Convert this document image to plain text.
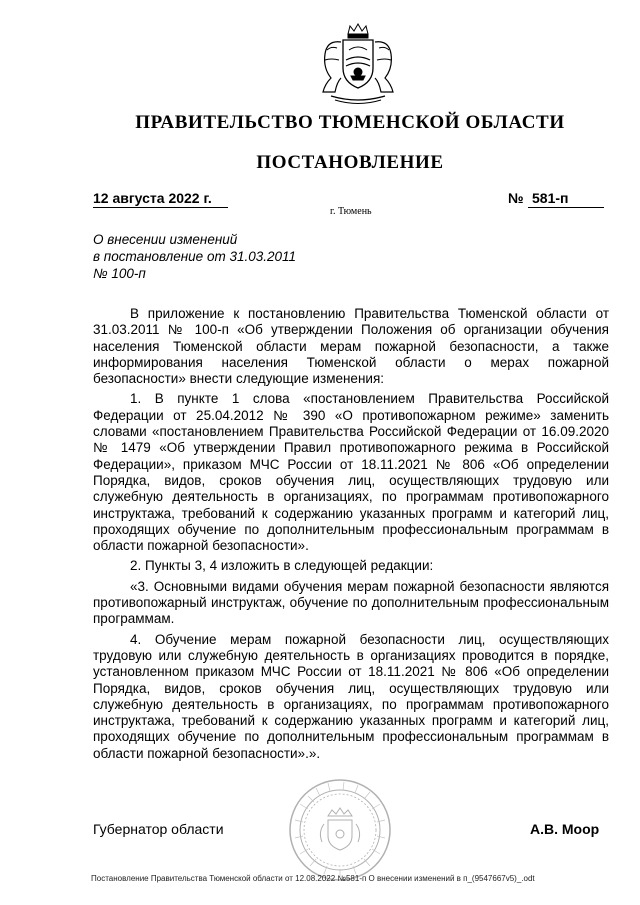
ПРАВИТЕЛЬСТВО ТЮМЕНСКОЙ ОБЛАСТИ
ПОСТАНОВЛЕНИЕ
12 августа 2022 г.	№ 581-п
г. Тюмень
О внесении изменений
в постановление от 31.03.2011
№ 100-п

В приложение к постановлению Правительства Тюменской области от 31.03.2011 № 100-п «Об утверждении Положения об организации обучения населения Тюменской области мерам пожарной безопасности, а также информирования населения Тюменской области о мерах пожарной безопасности» внести следующие изменения:

1. В пункте 1 слова «постановлением Правительства Российской Федерации от 25.04.2012 № 390 «О противопожарном режиме» заменить словами «постановлением Правительства Российской Федерации от 16.09.2020 № 1479 «Об утверждении Правил противопожарного режима в Российской Федерации», приказом МЧС России от 18.11.2021 № 806 «Об определении Порядка, видов, сроков обучения лиц, осуществляющих трудовую или служебную деятельность в организациях, по программам противопожарного инструктажа, требований к содержанию указанных программ и категорий лиц, проходящих обучение по дополнительным профессиональным программам в области пожарной безопасности».

2. Пункты 3, 4 изложить в следующей редакции:

«3. Основными видами обучения мерам пожарной безопасности являются противопожарный инструктаж, обучение по дополнительным профессиональным программам.

4. Обучение мерам пожарной безопасности лиц, осуществляющих трудовую или служебную деятельность в организациях проводится в порядке, установленном приказом МЧС России от 18.11.2021 № 806 «Об определении Порядка, видов, сроков обучения лиц, осуществляющих трудовую или служебную деятельность в организациях, по программам противопожарного инструктажа, требований к содержанию указанных программ и категорий лиц, проходящих обучение по дополнительным профессиональным программам в области пожарной безопасности».».

Губернатор области	А.В. Моор
Постановление Правительства Тюменской области от 12.08.2022 №581-п О внесении изменений в п_(9547667v5)_.odt
